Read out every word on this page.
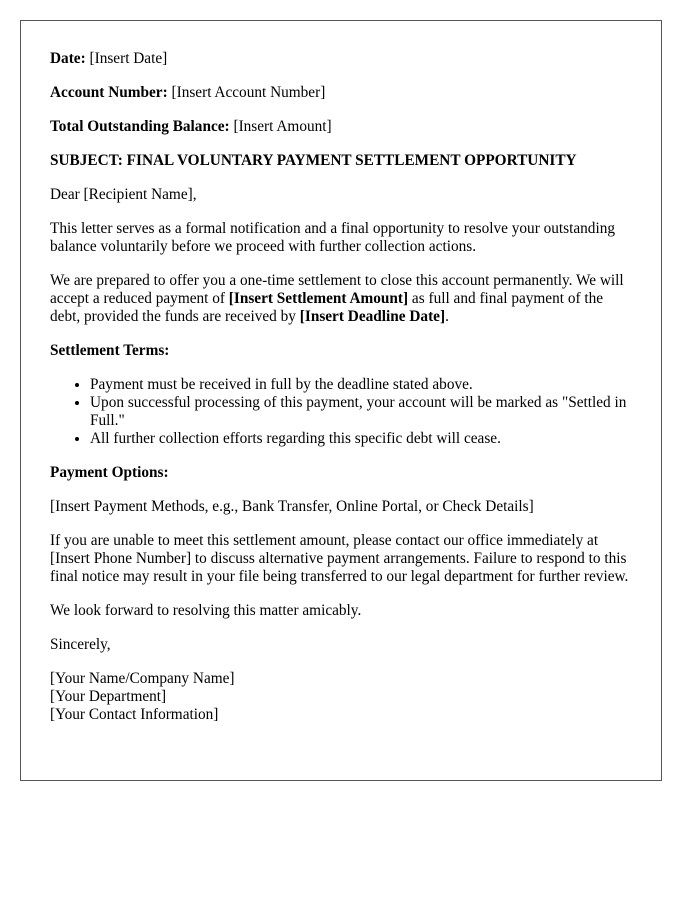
Date: [Insert Date]

Account Number: [Insert Account Number]

Total Outstanding Balance: [Insert Amount]

SUBJECT: FINAL VOLUNTARY PAYMENT SETTLEMENT OPPORTUNITY

Dear [Recipient Name],

This letter serves as a formal notification and a final opportunity to resolve your outstanding balance voluntarily before we proceed with further collection actions.

We are prepared to offer you a one-time settlement to close this account permanently. We will accept a reduced payment of [Insert Settlement Amount] as full and final payment of the debt, provided the funds are received by [Insert Deadline Date].

Settlement Terms:

• Payment must be received in full by the deadline stated above.
• Upon successful processing of this payment, your account will be marked as "Settled in Full."
• All further collection efforts regarding this specific debt will cease.

Payment Options:

[Insert Payment Methods, e.g., Bank Transfer, Online Portal, or Check Details]

If you are unable to meet this settlement amount, please contact our office immediately at [Insert Phone Number] to discuss alternative payment arrangements. Failure to respond to this final notice may result in your file being transferred to our legal department for further review.

We look forward to resolving this matter amicably.

Sincerely,

[Your Name/Company Name]
[Your Department]
[Your Contact Information]
